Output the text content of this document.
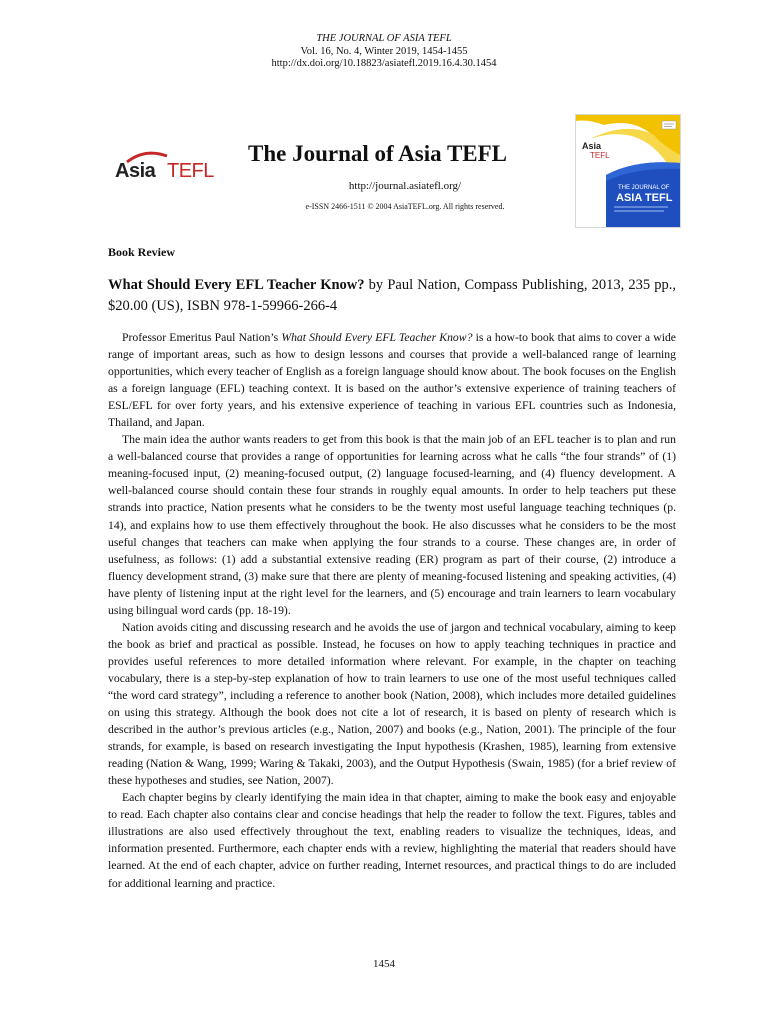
THE JOURNAL OF ASIA TEFL
Vol. 16, No. 4, Winter 2019, 1454-1455
http://dx.doi.org/10.18823/asiatefl.2019.16.4.30.1454
Asia TEFL
The Journal of Asia TEFL
http://journal.asiatefl.org/
e-ISSN 2466-1511 © 2004 AsiaTEFL.org. All rights reserved.
Asia
TEFL
THE JOURNAL OF
ASIA TEFL
Book Review
What Should Every EFL Teacher Know? by Paul Nation, Compass Publishing, 2013, 235 pp., $20.00 (US), ISBN 978-1-59966-266-4

Professor Emeritus Paul Nation’s What Should Every EFL Teacher Know? is a how-to book that aims to cover a wide range of important areas, such as how to design lessons and courses that provide a well-balanced range of learning opportunities, which every teacher of English as a foreign language should know about. The book focuses on the English as a foreign language (EFL) teaching context. It is based on the author’s extensive experience of training teachers of ESL/EFL for over forty years, and his extensive experience of teaching in various EFL countries such as Indonesia, Thailand, and Japan.

The main idea the author wants readers to get from this book is that the main job of an EFL teacher is to plan and run a well-balanced course that provides a range of opportunities for learning across what he calls “the four strands” of (1) meaning-focused input, (2) meaning-focused output, (2) language focused-learning, and (4) fluency development. A well-balanced course should contain these four strands in roughly equal amounts. In order to help teachers put these strands into practice, Nation presents what he considers to be the twenty most useful language teaching techniques (p. 14), and explains how to use them effectively throughout the book. He also discusses what he considers to be the most useful changes that teachers can make when applying the four strands to a course. These changes are, in order of usefulness, as follows: (1) add a substantial extensive reading (ER) program as part of their course, (2) introduce a fluency development strand, (3) make sure that there are plenty of meaning-focused listening and speaking activities, (4) have plenty of listening input at the right level for the learners, and (5) encourage and train learners to learn vocabulary using bilingual word cards (pp. 18-19).

Nation avoids citing and discussing research and he avoids the use of jargon and technical vocabulary, aiming to keep the book as brief and practical as possible. Instead, he focuses on how to apply teaching techniques in practice and provides useful references to more detailed information where relevant. For example, in the chapter on teaching vocabulary, there is a step-by-step explanation of how to train learners to use one of the most useful techniques called “the word card strategy”, including a reference to another book (Nation, 2008), which includes more detailed guidelines on using this strategy. Although the book does not cite a lot of research, it is based on plenty of research which is described in the author’s previous articles (e.g., Nation, 2007) and books (e.g., Nation, 2001). The principle of the four strands, for example, is based on research investigating the Input hypothesis (Krashen, 1985), learning from extensive reading (Nation & Wang, 1999; Waring & Takaki, 2003), and the Output Hypothesis (Swain, 1985) (for a brief review of these hypotheses and studies, see Nation, 2007).

Each chapter begins by clearly identifying the main idea in that chapter, aiming to make the book easy and enjoyable to read. Each chapter also contains clear and concise headings that help the reader to follow the text. Figures, tables and illustrations are also used effectively throughout the text, enabling readers to visualize the techniques, ideas, and information presented. Furthermore, each chapter ends with a review, highlighting the material that readers should have learned. At the end of each chapter, advice on further reading, Internet resources, and practical things to do are included for additional learning and practice.

1454
